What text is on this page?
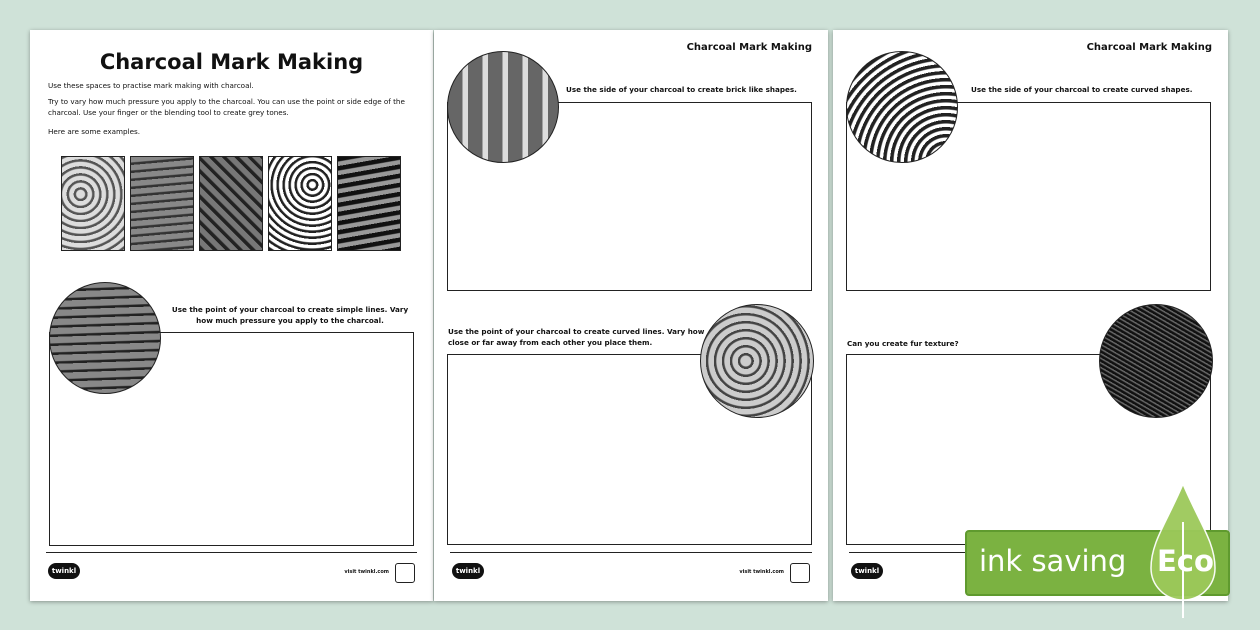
Charcoal Mark Making
Use these spaces to practise mark making with charcoal.
Try to vary how much pressure you apply to the charcoal. You can use the point or side edge of the charcoal. Use your finger or the blending tool to create grey tones.
Here are some examples.
Use the point of your charcoal to create simple lines. Vary how much pressure you apply to the charcoal.
twinkl	visit twinkl.com
Charcoal Mark Making
Use the side of your charcoal to create brick like shapes.
Use the point of your charcoal to create curved lines. Vary how close or far away from each other you place them.
twinkl	visit twinkl.com
Charcoal Mark Making
Use the side of your charcoal to create curved shapes.
Can you create fur texture?
twinkl	ink saving Eco
